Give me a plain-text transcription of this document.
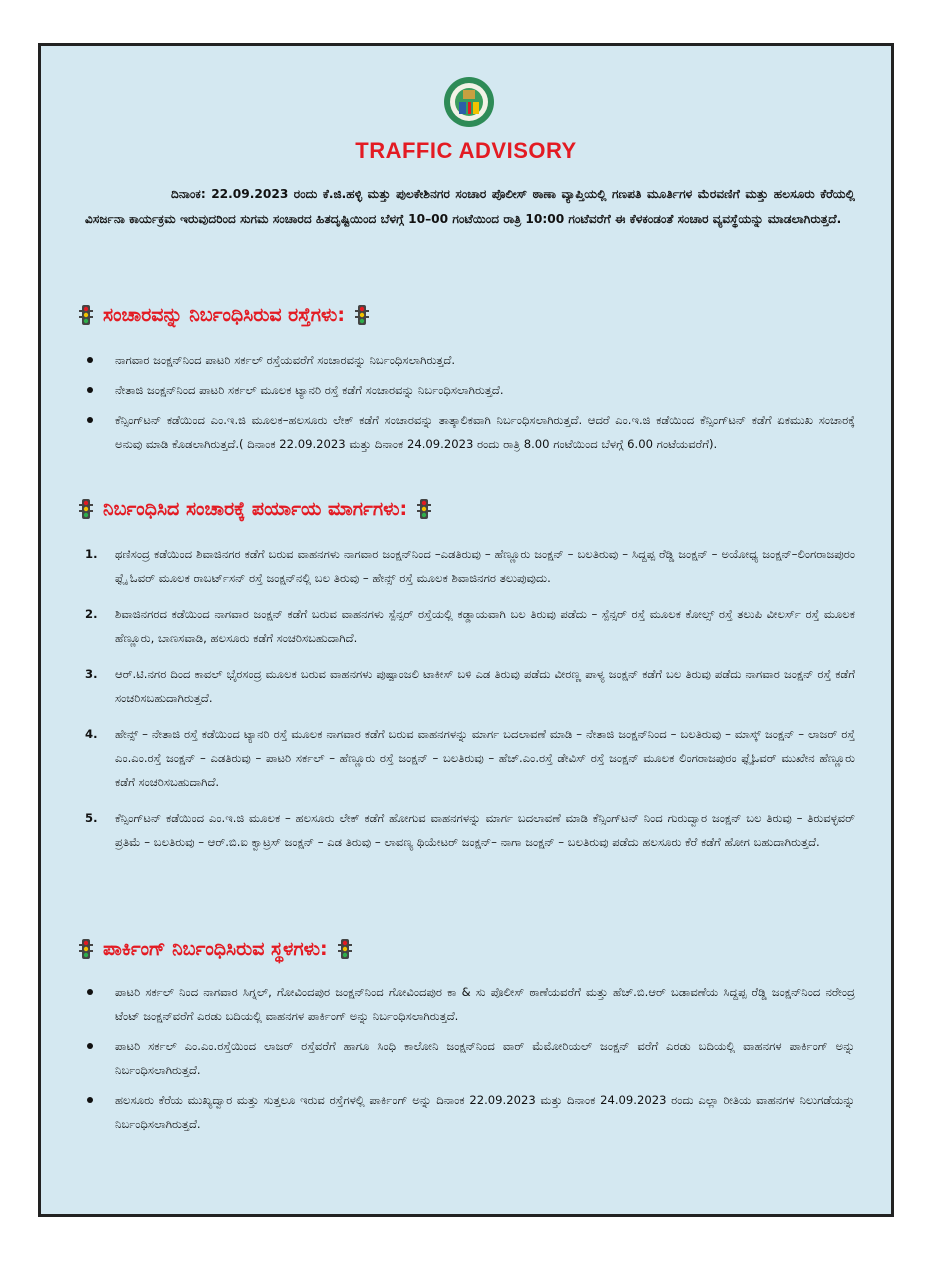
TRAFFIC ADVISORY
ದಿನಾಂಕ: 22.09.2023 ರಂದು ಕೆ.ಜಿ.ಹಳ್ಳಿ ಮತ್ತು ಪುಲಕೇಶಿನಗರ ಸಂಚಾರ ಪೊಲೀಸ್ ಠಾಣಾ ವ್ಯಾಪ್ತಿಯಲ್ಲಿ ಗಣಪತಿ ಮೂರ್ತಿಗಳ ಮೆರವಣಿಗೆ ಮತ್ತು ಹಲಸೂರು ಕೆರೆಯಲ್ಲಿ ವಿಸರ್ಜನಾ ಕಾರ್ಯಕ್ರಮ ಇರುವುದರಿಂದ ಸುಗಮ ಸಂಚಾರದ ಹಿತದೃಷ್ಟಿಯಿಂದ ಬೆಳಗ್ಗೆ 10–00 ಗಂಟೆಯಿಂದ ರಾತ್ರಿ 10:00 ಗಂಟೆವರೆಗೆ ಈ ಕೆಳಕಂಡಂತೆ ಸಂಚಾರ ವ್ಯವಸ್ಥೆಯನ್ನು ಮಾಡಲಾಗಿರುತ್ತದೆ.
ಸಂಚಾರವನ್ನು ನಿರ್ಬಂಧಿಸಿರುವ ರಸ್ತೆಗಳು:
ನಾಗವಾರ ಜಂಕ್ಷನ್‌ನಿಂದ ಪಾಟರಿ ಸರ್ಕಲ್ ರಸ್ತೆಯವರೆಗೆ ಸಂಚಾರವನ್ನು ನಿರ್ಬಂಧಿಸಲಾಗಿರುತ್ತದೆ.
ನೇತಾಜಿ ಜಂಕ್ಷನ್‌ನಿಂದ ಪಾಟರಿ ಸರ್ಕಲ್ ಮೂಲಕ ಟ್ಯಾನರಿ ರಸ್ತೆ ಕಡೆಗೆ ಸಂಚಾರವನ್ನು ನಿರ್ಬಂಧಿಸಲಾಗಿರುತ್ತದೆ.
ಕೆನ್ಸಿಂಗ್‌ಟನ್ ಕಡೆಯಿಂದ ಎಂ.ಇ.ಜಿ ಮೂಲಕ–ಹಲಸೂರು ಲೇಕ್ ಕಡೆಗೆ ಸಂಚಾರವನ್ನು ತಾತ್ಕಾಲಿಕವಾಗಿ ನಿರ್ಬಂಧಿಸಲಾಗಿರುತ್ತದೆ. ಆದರೆ ಎಂ.ಇ.ಜಿ ಕಡೆಯಿಂದ ಕೆನ್ಸಿಂಗ್‌ಟನ್ ಕಡೆಗೆ ಏಕಮುಖ ಸಂಚಾರಕ್ಕೆ ಅನುವು ಮಾಡಿ ಕೊಡಲಾಗಿರುತ್ತದೆ.( ದಿನಾಂಕ 22.09.2023 ಮತ್ತು ದಿನಾಂಕ 24.09.2023 ರಂದು ರಾತ್ರಿ 8.00 ಗಂಟೆಯಿಂದ ಬೆಳಗ್ಗೆ 6.00 ಗಂಟೆಯವರೆಗೆ).
ನಿರ್ಬಂಧಿಸಿದ ಸಂಚಾರಕ್ಕೆ ಪರ್ಯಾಯ ಮಾರ್ಗಗಳು:
1. ಥಣಿಸಂದ್ರ ಕಡೆಯಿಂದ ಶಿವಾಜಿನಗರ ಕಡೆಗೆ ಬರುವ ವಾಹನಗಳು ನಾಗವಾರ ಜಂಕ್ಷನ್‌ನಿಂದ –ಎಡತಿರುವು – ಹೆಣ್ಣೂರು ಜಂಕ್ಷನ್ – ಬಲತಿರುವು – ಸಿದ್ದಪ್ಪ ರೆಡ್ಡಿ ಜಂಕ್ಷನ್ – ಅಯೋಧ್ಯ ಜಂಕ್ಷನ್–ಲಿಂಗರಾಜಪುರಂ ಫ್ಲೈ ಓವರ್ ಮೂಲಕ ರಾಬರ್ಟ್‌ಸನ್ ರಸ್ತೆ ಜಂಕ್ಷನ್‌ನಲ್ಲಿ ಬಲ ತಿರುವು – ಹೇನ್ಸ್ ರಸ್ತೆ ಮೂಲಕ ಶಿವಾಜಿನಗರ ತಲುಪುವುದು.
2. ಶಿವಾಜಿನಗರದ ಕಡೆಯಿಂದ ನಾಗವಾರ ಜಂಕ್ಷನ್ ಕಡೆಗೆ ಬರುವ ವಾಹನಗಳು ಸ್ಪೆನ್ಸರ್ ರಸ್ತೆಯಲ್ಲಿ ಕಡ್ಡಾಯವಾಗಿ ಬಲ ತಿರುವು ಪಡೆದು – ಸ್ಪೆನ್ಸರ್ ರಸ್ತೆ ಮೂಲಕ ಕೋಲ್ಸ್ ರಸ್ತೆ ತಲುಪಿ ವೀಲರ್ಸ್ ರಸ್ತೆ ಮೂಲಕ ಹೆಣ್ಣೂರು, ಬಾಣಸವಾಡಿ, ಹಲಸೂರು ಕಡೆಗೆ ಸಂಚರಿಸಬಹುದಾಗಿದೆ.
3. ಆರ್.ಟಿ.ನಗರ ದಿಂದ ಕಾವಲ್ ಭೈರಸಂದ್ರ ಮೂಲಕ ಬರುವ ವಾಹನಗಳು ಪುಷ್ಪಾಂಜಲಿ ಟಾಕೀಸ್ ಬಳಿ ಎಡ ತಿರುವು ಪಡೆದು ವೀರಣ್ಣ ಪಾಳ್ಯ ಜಂಕ್ಷನ್ ಕಡೆಗೆ ಬಲ ತಿರುವು ಪಡೆದು ನಾಗವಾರ ಜಂಕ್ಷನ್ ರಸ್ತೆ ಕಡೆಗೆ ಸಂಚರಿಸಬಹುದಾಗಿರುತ್ತದೆ.
4. ಹೇನ್ಸ್ – ನೇತಾಜಿ ರಸ್ತೆ ಕಡೆಯಿಂದ ಟ್ಯಾನರಿ ರಸ್ತೆ ಮೂಲಕ ನಾಗವಾರ ಕಡೆಗೆ ಬರುವ ವಾಹನಗಳನ್ನು ಮಾರ್ಗ ಬದಲಾವಣೆ ಮಾಡಿ – ನೇತಾಜಿ ಜಂಕ್ಷನ್‌ನಿಂದ – ಬಲತಿರುವು – ಮಾಸ್ಕ್ ಜಂಕ್ಷನ್ – ಲಾಜರ್ ರಸ್ತೆ ಎಂ.ಎಂ.ರಸ್ತೆ ಜಂಕ್ಷನ್ – ಎಡತಿರುವು – ಪಾಟರಿ ಸರ್ಕಲ್ – ಹೆಣ್ಣೂರು ರಸ್ತೆ ಜಂಕ್ಷನ್ – ಬಲತಿರುವು – ಹೆಚ್.ಎಂ.ರಸ್ತೆ ಡೇವಿಸ್ ರಸ್ತೆ ಜಂಕ್ಷನ್ ಮೂಲಕ ಲಿಂಗರಾಜಪುರಂ ಫ್ಲೈಓವರ್ ಮುಖೇನ ಹೆಣ್ಣೂರು ಕಡೆಗೆ ಸಂಚರಿಸಬಹುದಾಗಿದೆ.
5. ಕೆನ್ಸಿಂಗ್‌ಟನ್ ಕಡೆಯಿಂದ ಎಂ.ಇ.ಜಿ ಮೂಲಕ – ಹಲಸೂರು ಲೇಕ್ ಕಡೆಗೆ ಹೋಗುವ ವಾಹನಗಳನ್ನು ಮಾರ್ಗ ಬದಲಾವಣೆ ಮಾಡಿ ಕೆನ್ಸಿಂಗ್‌ಟನ್ ನಿಂದ ಗುರುದ್ವಾರ ಜಂಕ್ಷನ್ ಬಲ ತಿರುವು – ತಿರುವಳ್ಳವರ್ ಪ್ರತಿಮೆ – ಬಲತಿರುವು – ಆರ್.ಬಿ.ಐ ಕ್ವಾಟ್ರಸ್ ಜಂಕ್ಷನ್ – ಎಡ ತಿರುವು – ಲಾವಣ್ಯ ಥಿಯೇಟರ್ ಜಂಕ್ಷನ್– ನಾಗಾ ಜಂಕ್ಷನ್ – ಬಲತಿರುವು ಪಡೆದು ಹಲಸೂರು ಕೆರೆ ಕಡೆಗೆ ಹೋಗ ಬಹುದಾಗಿರುತ್ತದೆ.
ಪಾರ್ಕಿಂಗ್ ನಿರ್ಬಂಧಿಸಿರುವ ಸ್ಥಳಗಳು:
ಪಾಟರಿ ಸರ್ಕಲ್ ನಿಂದ ನಾಗವಾರ ಸಿಗ್ನಲ್, ಗೋವಿಂದಪುರ ಜಂಕ್ಷನ್‌ನಿಂದ ಗೋವಿಂದಪುರ ಕಾ & ಸು ಪೊಲೀಸ್ ಠಾಣೆಯವರೆಗೆ ಮತ್ತು ಹೆಚ್.ಬಿ.ಆರ್ ಬಡಾವಣೆಯ ಸಿದ್ದಪ್ಪ ರೆಡ್ಡಿ ಜಂಕ್ಷನ್‌ನಿಂದ ನರೇಂದ್ರ ಟೆಂಟ್ ಜಂಕ್ಷನ್‌ವರೆಗೆ ಎರಡು ಬದಿಯಲ್ಲಿ ವಾಹನಗಳ ಪಾರ್ಕಿಂಗ್ ಅನ್ನು ನಿರ್ಬಂಧಿಸಲಾಗಿರುತ್ತದೆ.
ಪಾಟರಿ ಸರ್ಕಲ್ ಎಂ.ಎಂ.ರಸ್ತೆಯಿಂದ ಲಾಜರ್ ರಸ್ತೆವರೆಗೆ ಹಾಗೂ ಸಿಂಧಿ ಕಾಲೋನಿ ಜಂಕ್ಷನ್‌ನಿಂದ ವಾರ್ ಮೆಮೋರಿಯಲ್ ಜಂಕ್ಷನ್ ವರೆಗೆ ಎರಡು ಬದಿಯಲ್ಲಿ ವಾಹನಗಳ ಪಾರ್ಕಿಂಗ್ ಅನ್ನು ನಿರ್ಬಂಧಿಸಲಾಗಿರುತ್ತದೆ.
ಹಲಸೂರು ಕೆರೆಯ ಮುಖ್ಯದ್ವಾರ ಮತ್ತು ಸುತ್ತಲೂ ಇರುವ ರಸ್ತೆಗಳಲ್ಲಿ ಪಾರ್ಕಿಂಗ್ ಅನ್ನು ದಿನಾಂಕ 22.09.2023 ಮತ್ತು ದಿನಾಂಕ 24.09.2023 ರಂದು ಎಲ್ಲಾ ರೀತಿಯ ವಾಹನಗಳ ನಿಲುಗಡೆಯನ್ನು ನಿರ್ಬಂಧಿಸಲಾಗಿರುತ್ತದೆ.
